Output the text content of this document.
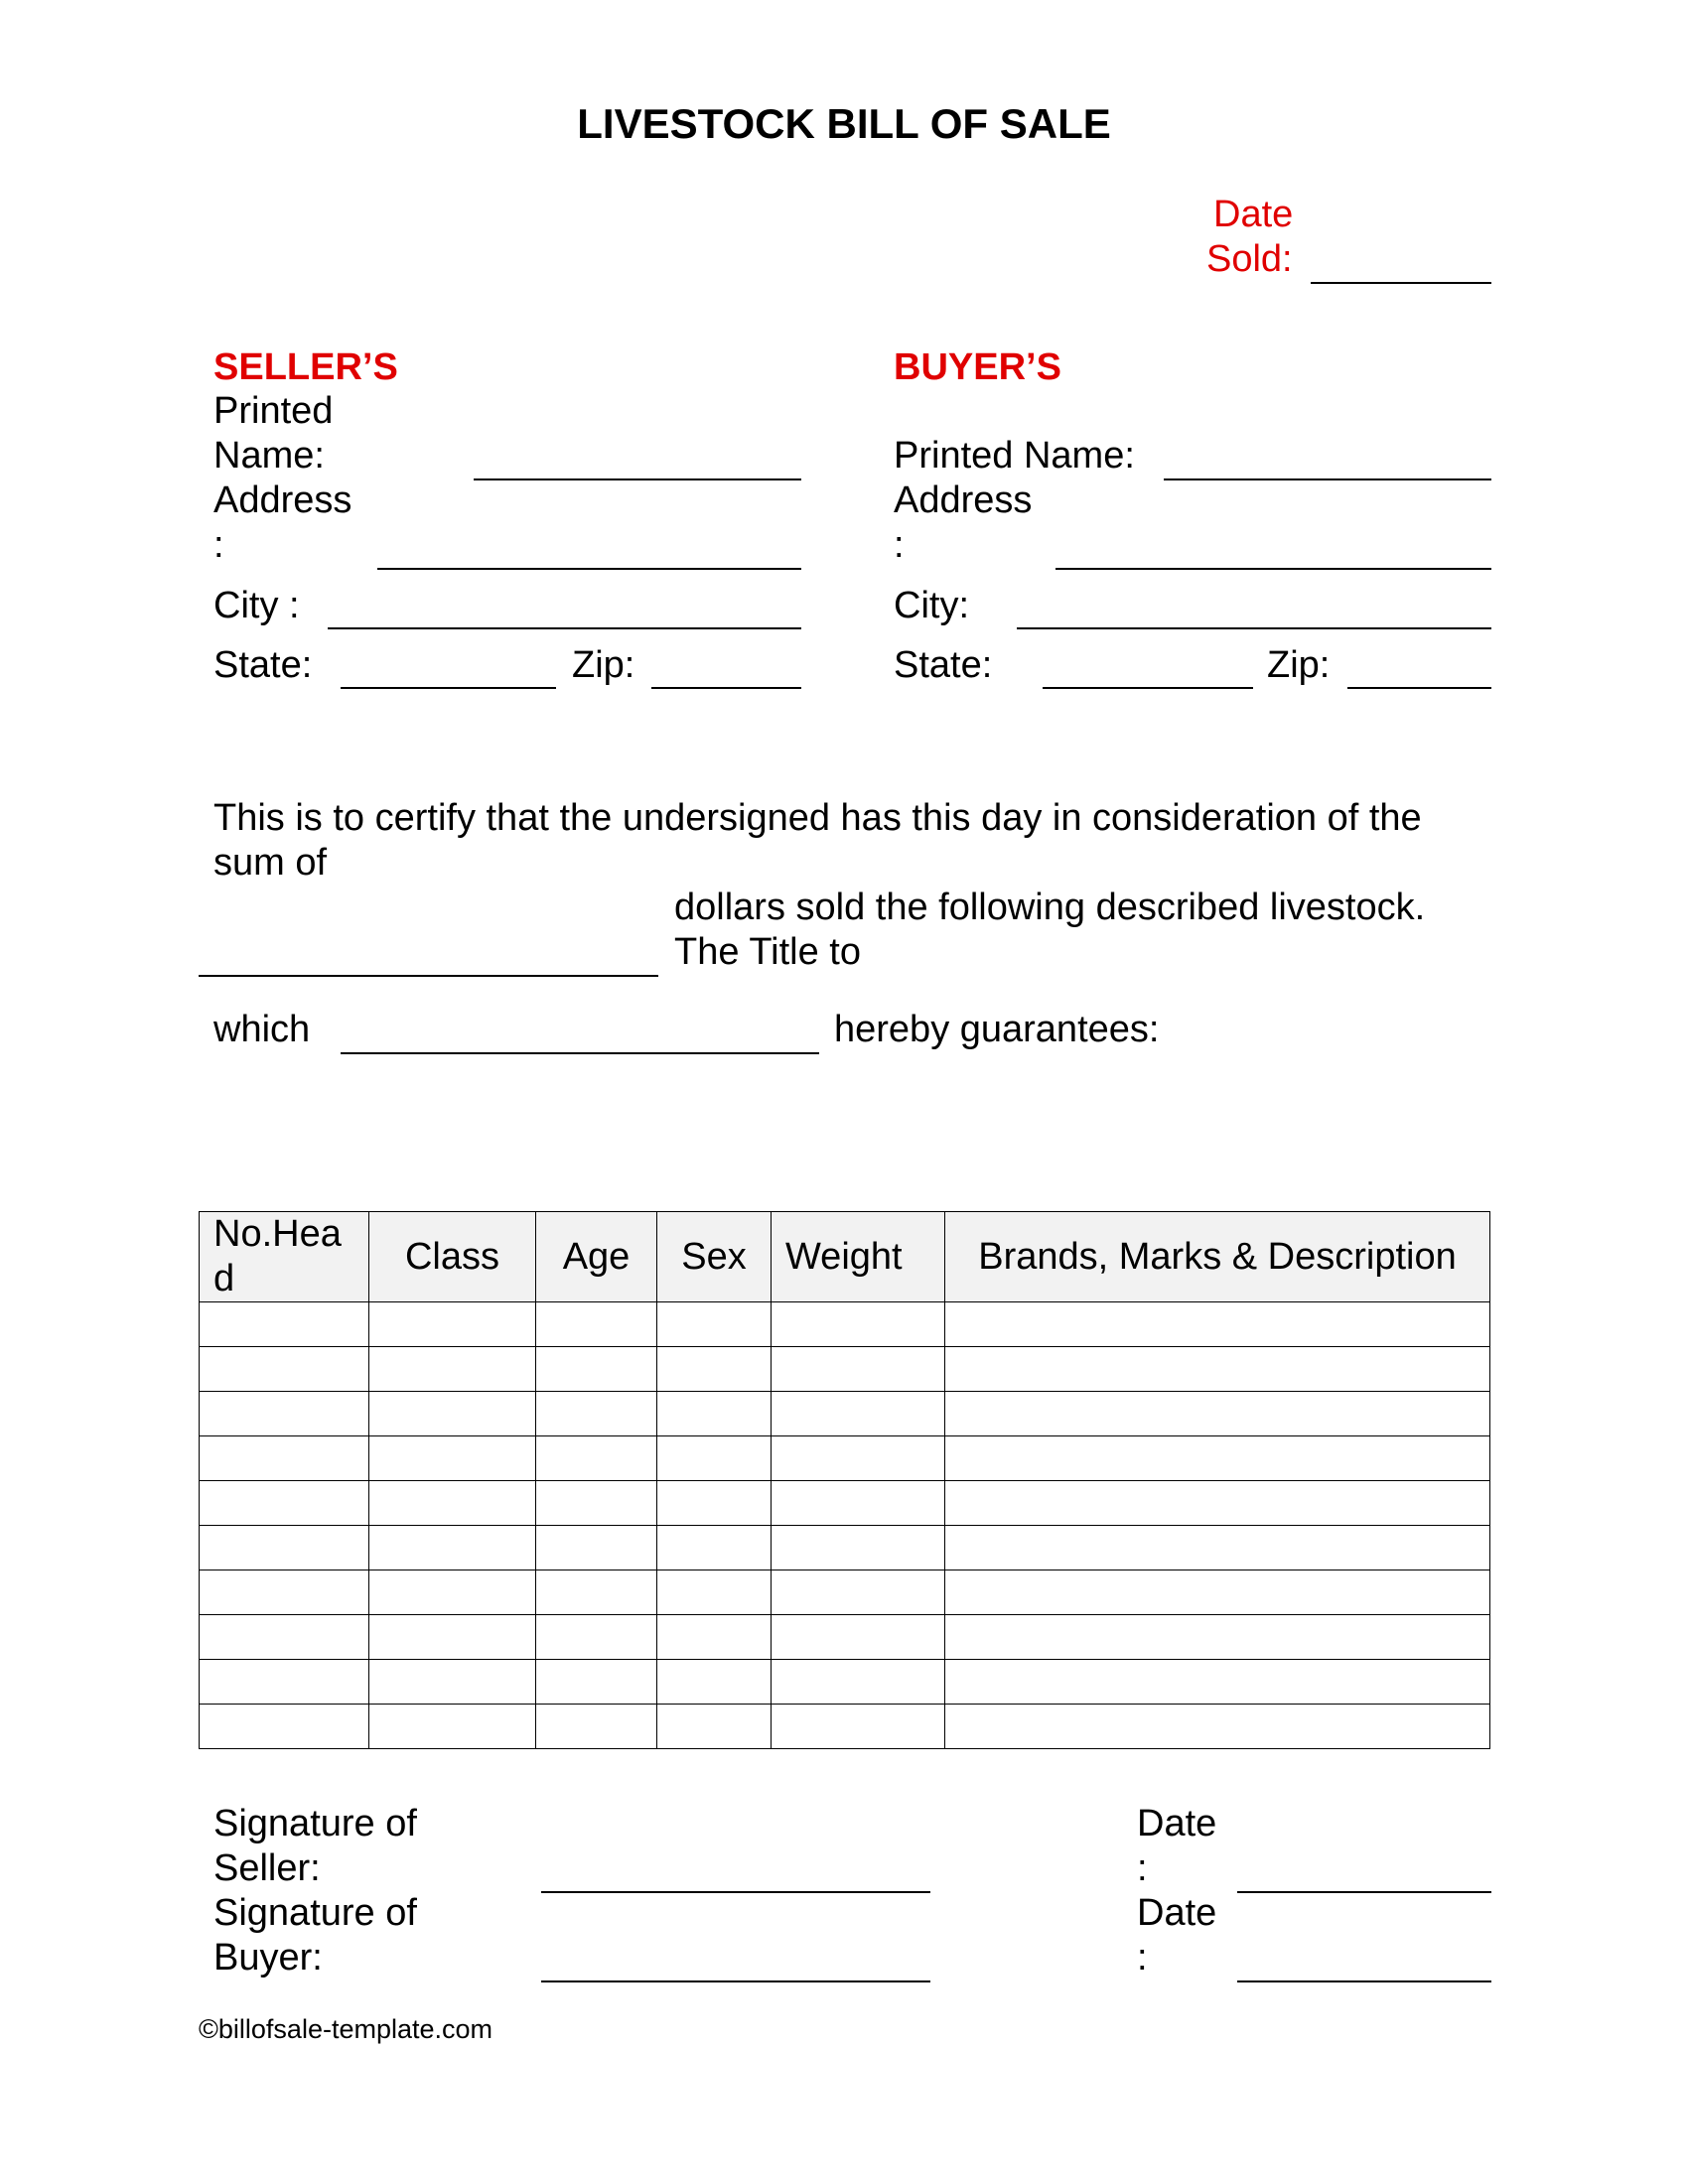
LIVESTOCK BILL OF SALE
Date
Sold:
SELLER’S
Printed
Name:
Address
:
City :
State:	Zip:
BUYER’S
Printed Name:
Address
:
City:
State:	Zip:
This is to certify that the undersigned has this day in consideration of the
sum of
dollars sold the following described livestock.
The Title to
which	hereby guarantees:
No.Hea
d	Class	Age	Sex	Weight	Brands, Marks & Description

Signature of
Seller:
Date
:
Signature of
Buyer:
Date
:
©billofsale-template.com
